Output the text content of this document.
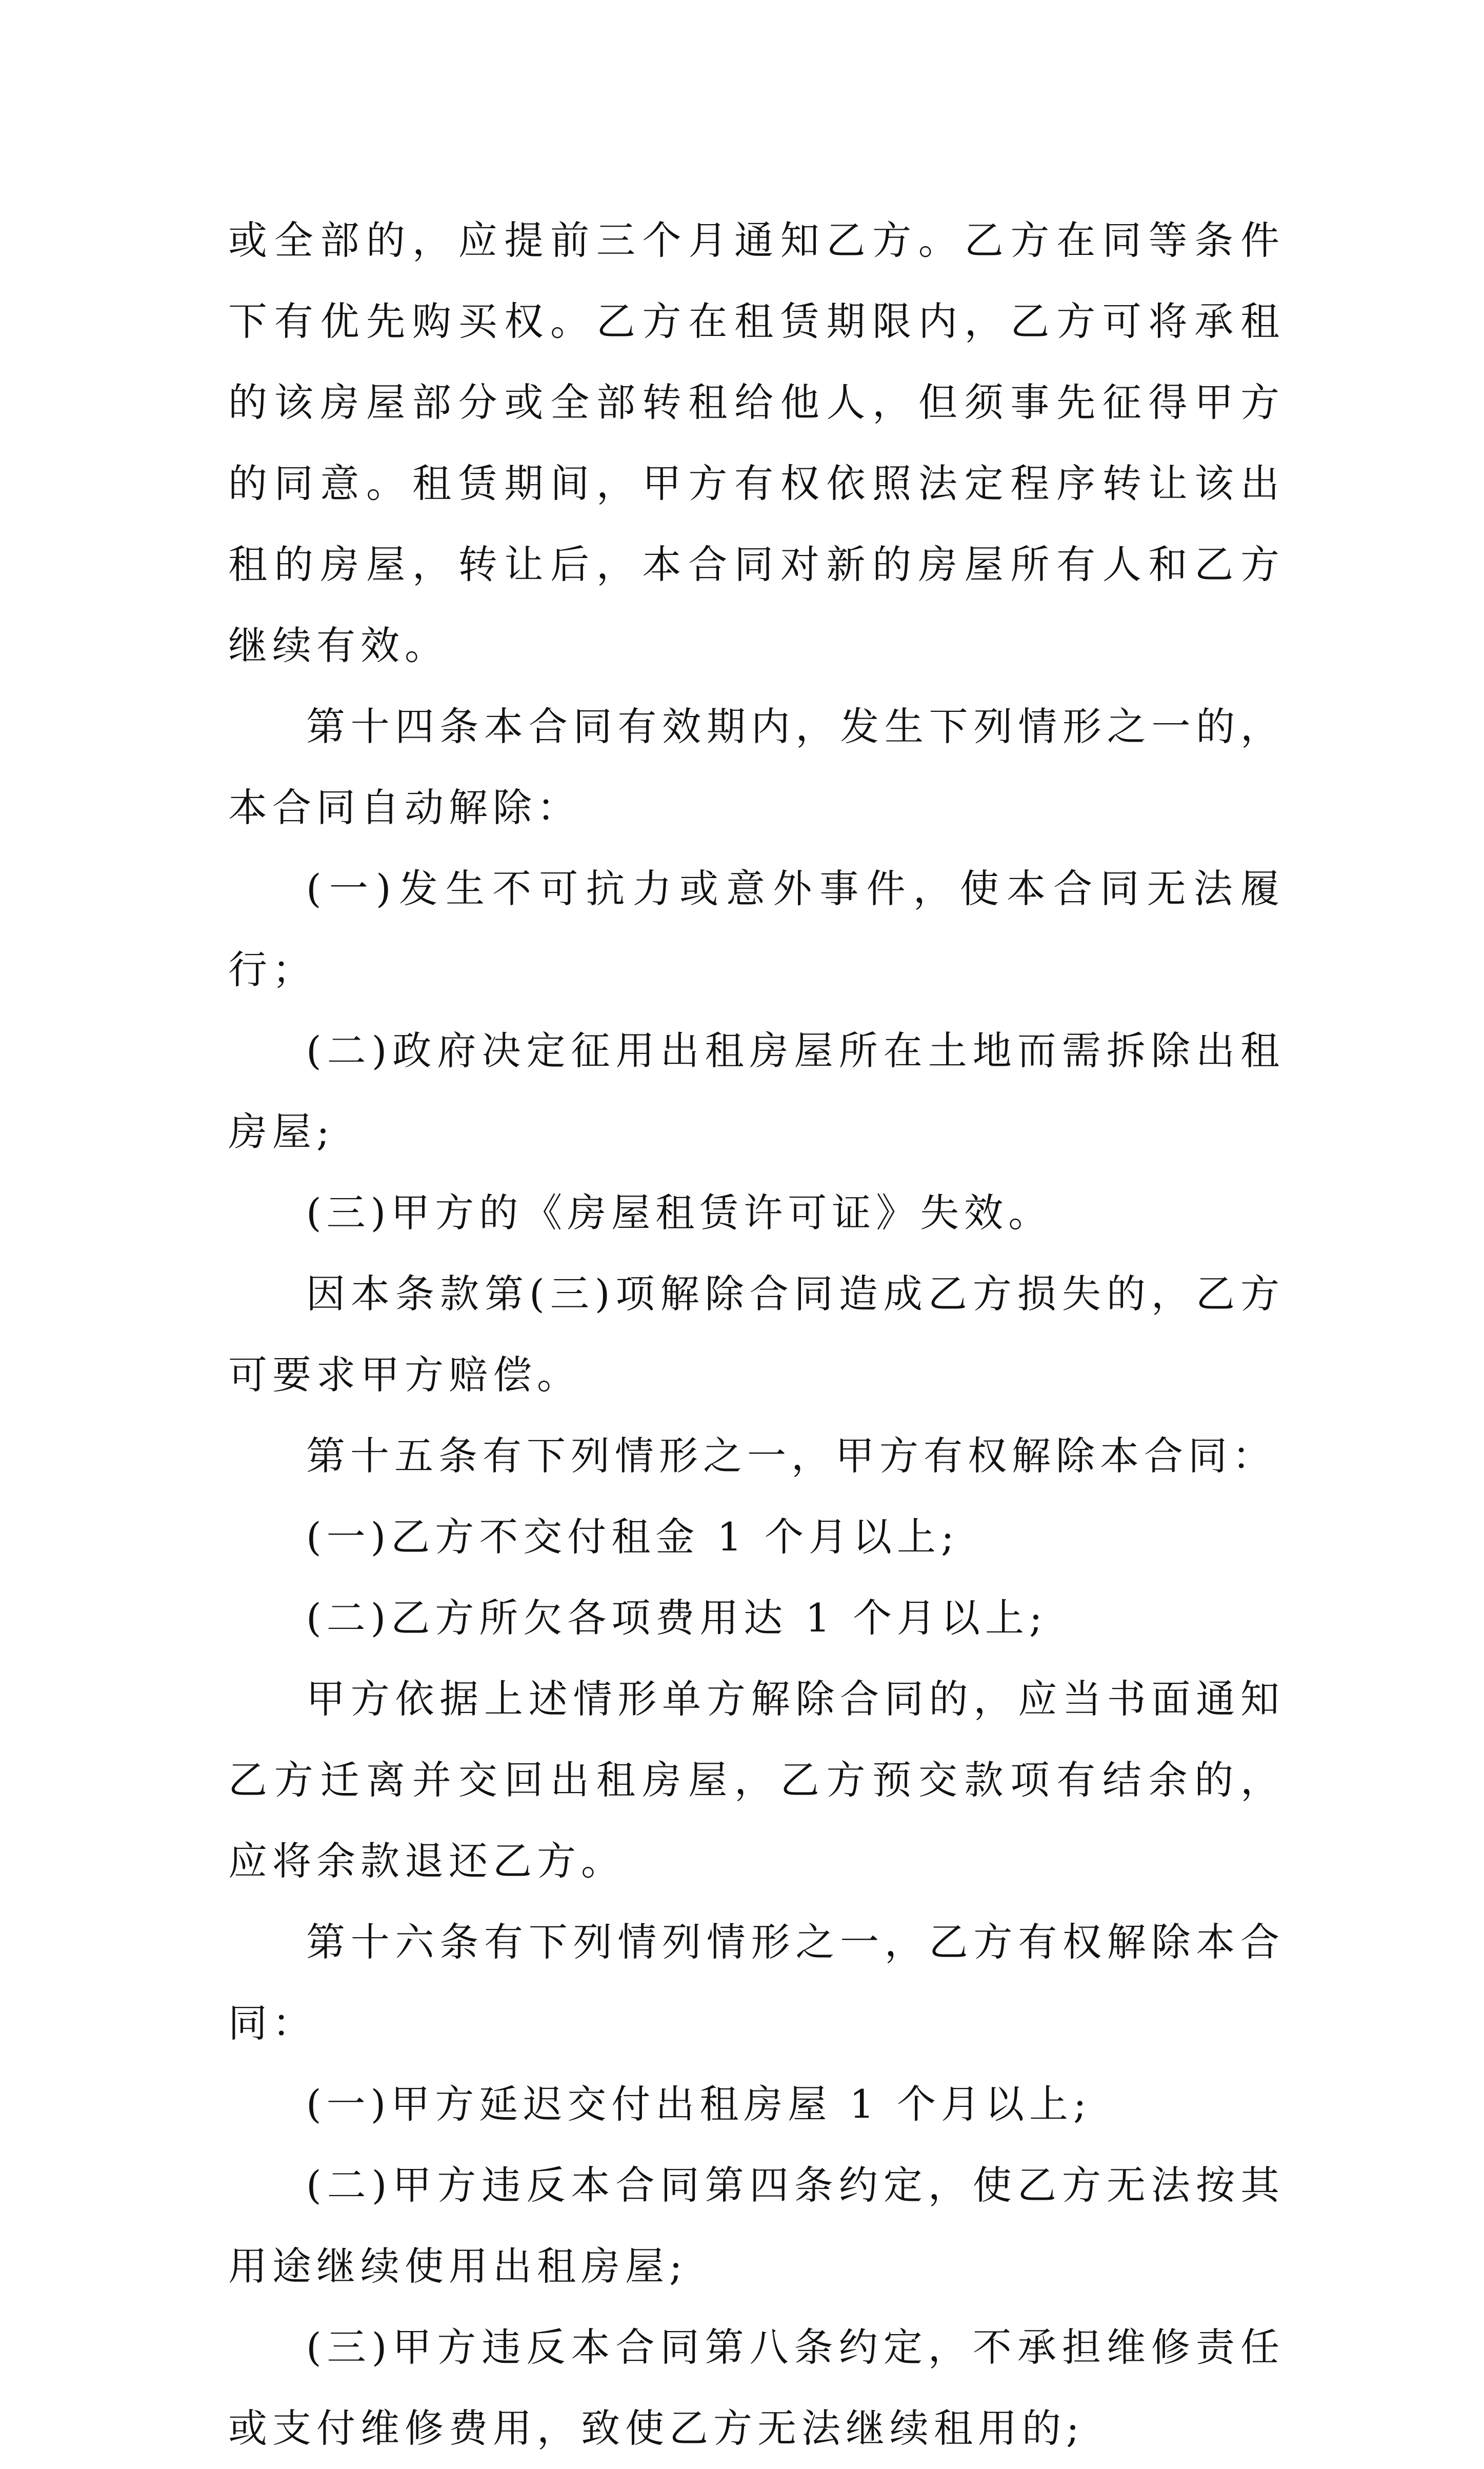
或全部的，应提前三个月通知乙方。乙方在同等条件下有优先购买权。乙方在租赁期限内，乙方可将承租的该房屋部分或全部转租给他人，但须事先征得甲方的同意。租赁期间，甲方有权依照法定程序转让该出租的房屋，转让后，本合同对新的房屋所有人和乙方继续有效。

第十四条本合同有效期内，发生下列情形之一的，本合同自动解除：

(一)发生不可抗力或意外事件，使本合同无法履行；

(二)政府决定征用出租房屋所在土地而需拆除出租房屋;

(三)甲方的《房屋租赁许可证》失效。

因本条款第(三)项解除合同造成乙方损失的，乙方可要求甲方赔偿。

第十五条有下列情形之一，甲方有权解除本合同：

(一)乙方不交付租金 1 个月以上;

(二)乙方所欠各项费用达 1 个月以上;

甲方依据上述情形单方解除合同的，应当书面通知乙方迁离并交回出租房屋，乙方预交款项有结余的，应将余款退还乙方。

第十六条有下列情列情形之一，乙方有权解除本合同：

(一)甲方延迟交付出租房屋 1 个月以上;

(二)甲方违反本合同第四条约定，使乙方无法按其用途继续使用出租房屋;

(三)甲方违反本合同第八条约定，不承担维修责任或支付维修费用，致使乙方无法继续租用的;
